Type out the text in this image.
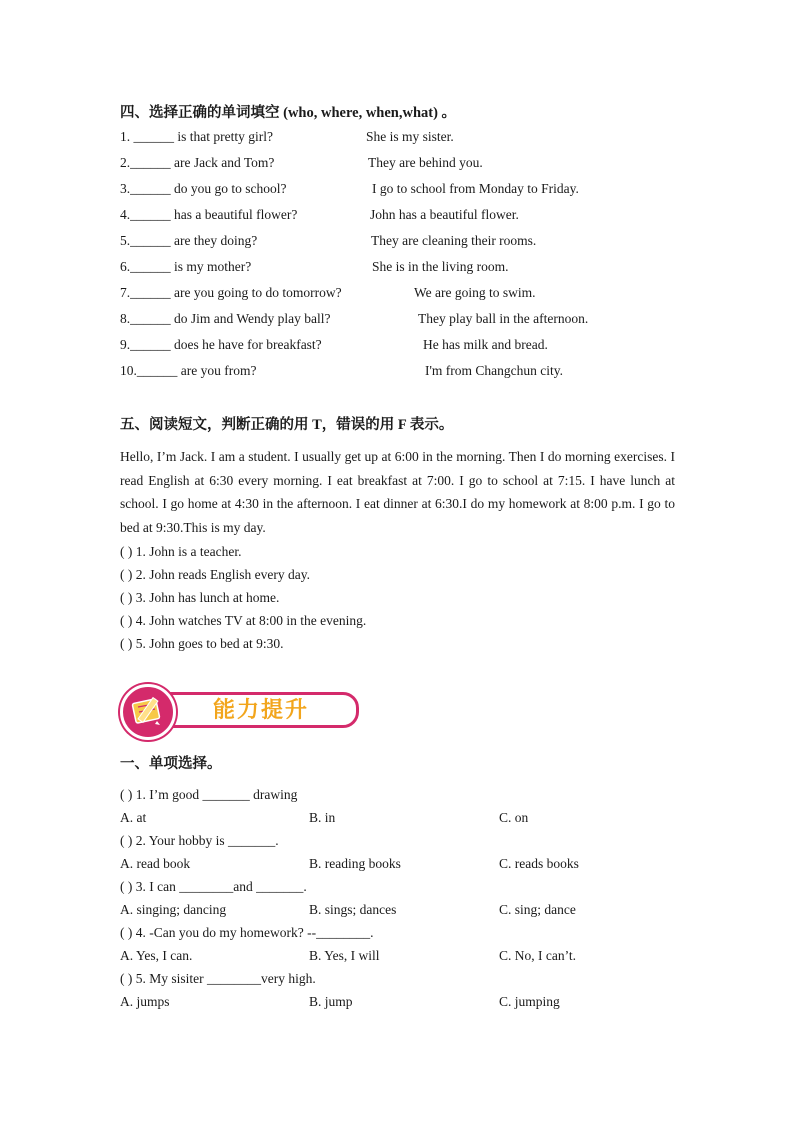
四、选择正确的单词填空 (who, where, when,what) 。
1. ______ is that pretty girl?	She is my sister.
2.______ are Jack and Tom?	They are behind you.
3.______ do you go to school?	I go to school from Monday to Friday.
4.______ has a beautiful flower?	John has a beautiful flower.
5.______ are they doing?	They are cleaning their rooms.
6.______ is my mother?	She is in the living room.
7.______ are you going to do tomorrow?	We are going to swim.
8.______ do Jim and Wendy play ball?	They play ball in the afternoon.
9.______ does he have for breakfast?	He has milk and bread.
10.______ are you from?	I'm from Changchun city.
五、阅读短文，判断正确的用 T，错误的用 F 表示。
Hello, I’m Jack. I am a student. I usually get up at 6:00 in the morning. Then I do morning exercises. I read English at 6:30 every morning. I eat breakfast at 7:00. I go to school at 7:15. I have lunch at school. I go home at 4:30 in the afternoon. I eat dinner at 6:30.I do my homework at 8:00 p.m. I go to bed at 9:30.This is my day.
( ) 1. John is a teacher.
( ) 2. John reads English every day.
( ) 3. John has lunch at home.
( ) 4. John watches TV at 8:00 in the evening.
( ) 5. John goes to bed at 9:30.
能力提升
一、单项选择。
( ) 1. I’m good _______ drawing
A. at	B. in	C. on
( ) 2. Your hobby is _______.
A. read book	B. reading books	C. reads books
( ) 3. I can ________and _______.
A. singing; dancing	B. sings; dances	C. sing; dance
( ) 4. -Can you do my homework? --________.
A. Yes, I can.	B. Yes, I will	C. No, I can’t.
( ) 5. My sisiter ________very high.
A. jumps	B. jump	C. jumping
